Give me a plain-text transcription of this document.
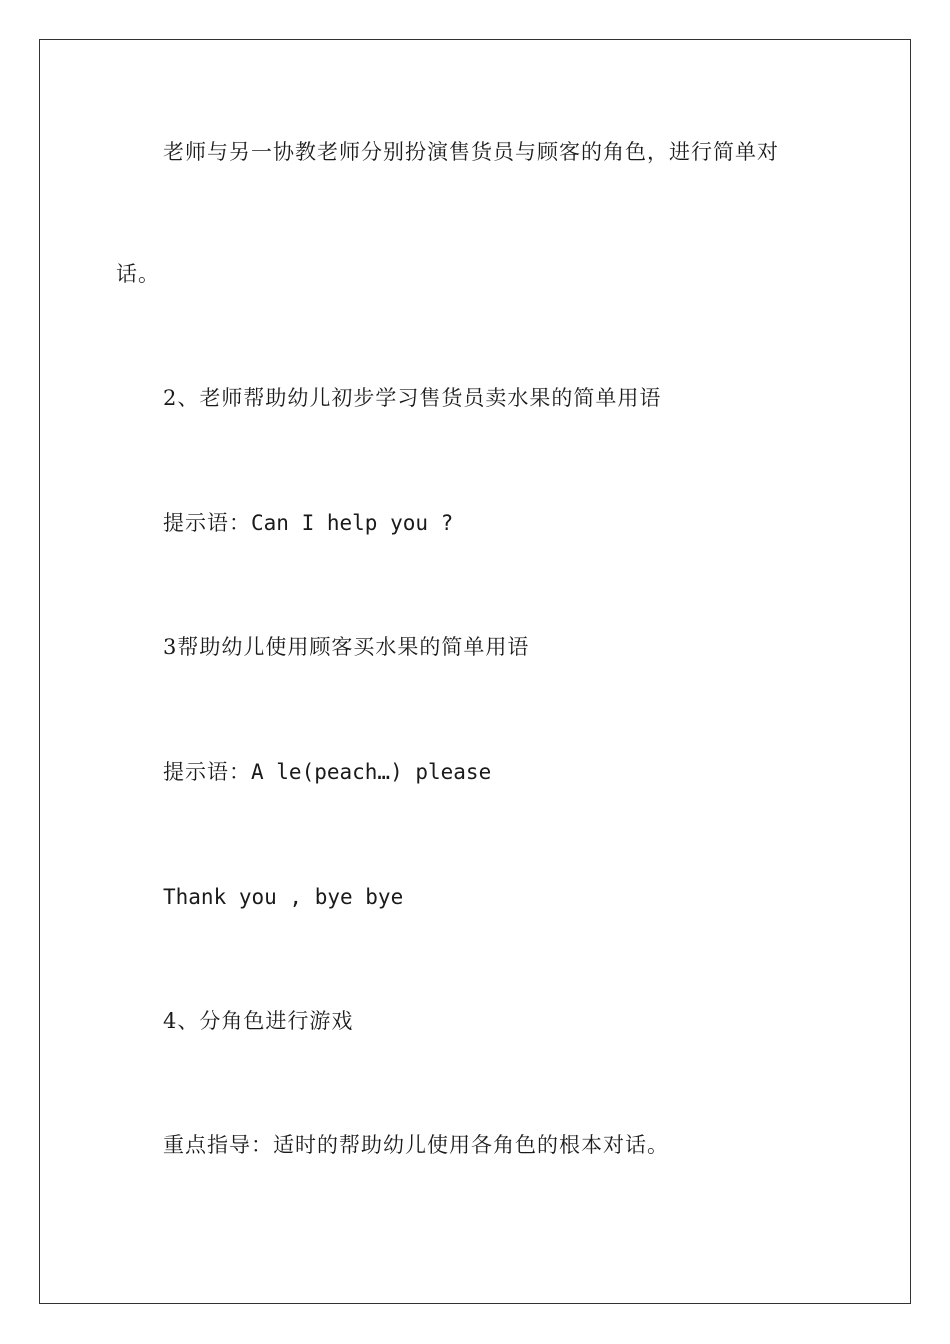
老师与另一协教老师分别扮演售货员与顾客的角色，进行简单对
话。
2、老师帮助幼儿初步学习售货员卖水果的简单用语
提示语：Can I help you ?
3帮助幼儿使用顾客买水果的简单用语
提示语：A le(peach…) please
Thank you , bye bye
4、分角色进行游戏
重点指导：适时的帮助幼儿使用各角色的根本对话。
